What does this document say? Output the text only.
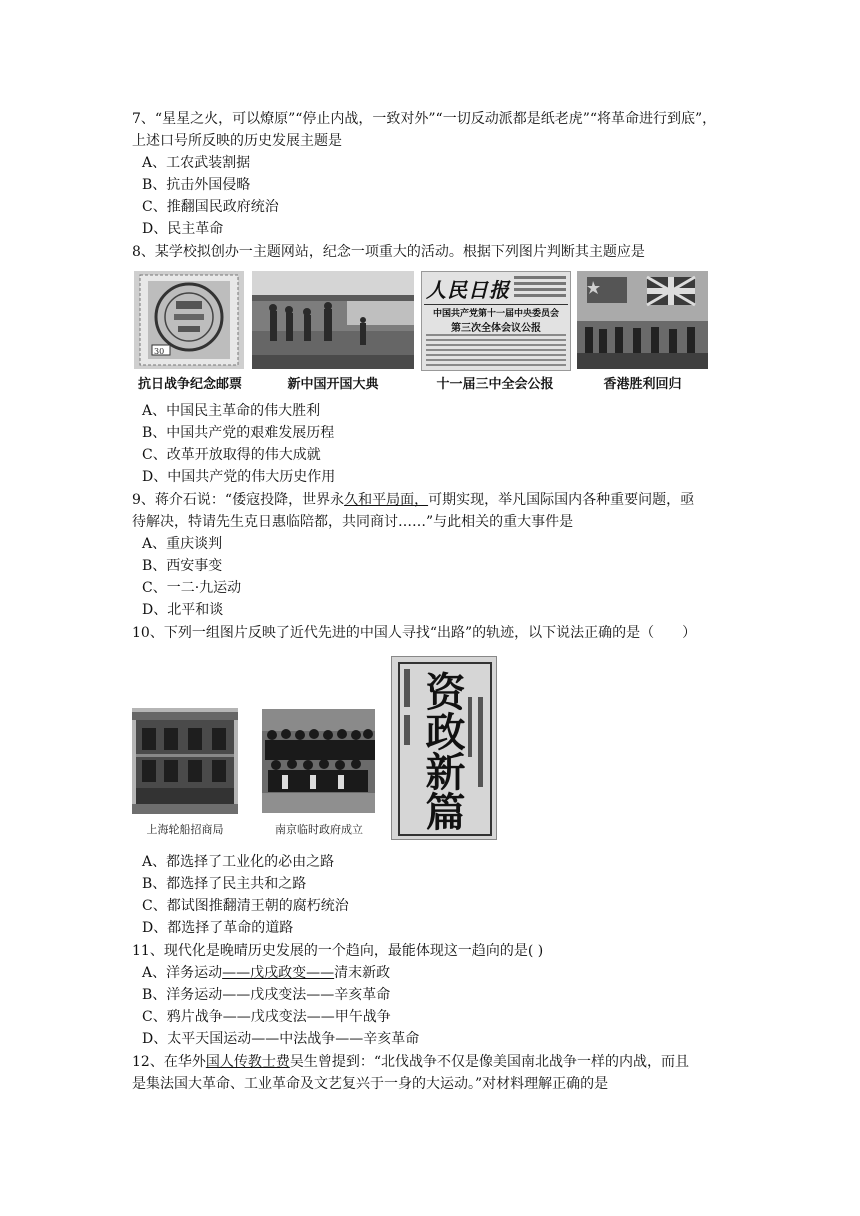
7、“星星之火，可以燎原”“停止内战，一致对外”“一切反动派都是纸老虎”“将革命进行到底”，
上述口号所反映的历史发展主题是
A、工农武装割据
B、抗击外国侵略
C、推翻国民政府统治
D、民主革命
8、某学校拟创办一主题网站，纪念一项重大的活动。根据下列图片判断其主题应是
30
抗日战争纪念邮票	新中国开国大典
人民日报
中国共产党第十一届中央委员会
第三次全体会议公报
十一届三中全会公报	香港胜利回归
A、中国民主革命的伟大胜利
B、中国共产党的艰难发展历程
C、改革开放取得的伟大成就
D、中国共产党的伟大历史作用
9、蒋介石说：“倭寇投降，世界永久和平局面，可期实现，举凡国际国内各种重要问题，亟
待解决，特请先生克日惠临陪都，共同商讨……”与此相关的重大事件是
A、重庆谈判
B、西安事变
C、一二·九运动
D、北平和谈
10、下列一组图片反映了近代先进的中国人寻找“出路”的轨迹，以下说法正确的是（　　）
上海轮船招商局	南京临时政府成立	资政新篇
A、都选择了工业化的必由之路
B、都选择了民主共和之路
C、都试图推翻清王朝的腐朽统治
D、都选择了革命的道路
11、现代化是晚晴历史发展的一个趋向，最能体现这一趋向的是( )
A、洋务运动——戊戌政变——清末新政
B、洋务运动——戊戌变法——辛亥革命
C、鸦片战争——戊戌变法——甲午战争
D、太平天国运动——中法战争——辛亥革命
12、在华外国人传教士费吴生曾提到：“北伐战争不仅是像美国南北战争一样的内战，而且
是集法国大革命、工业革命及文艺复兴于一身的大运动。”对材料理解正确的是
